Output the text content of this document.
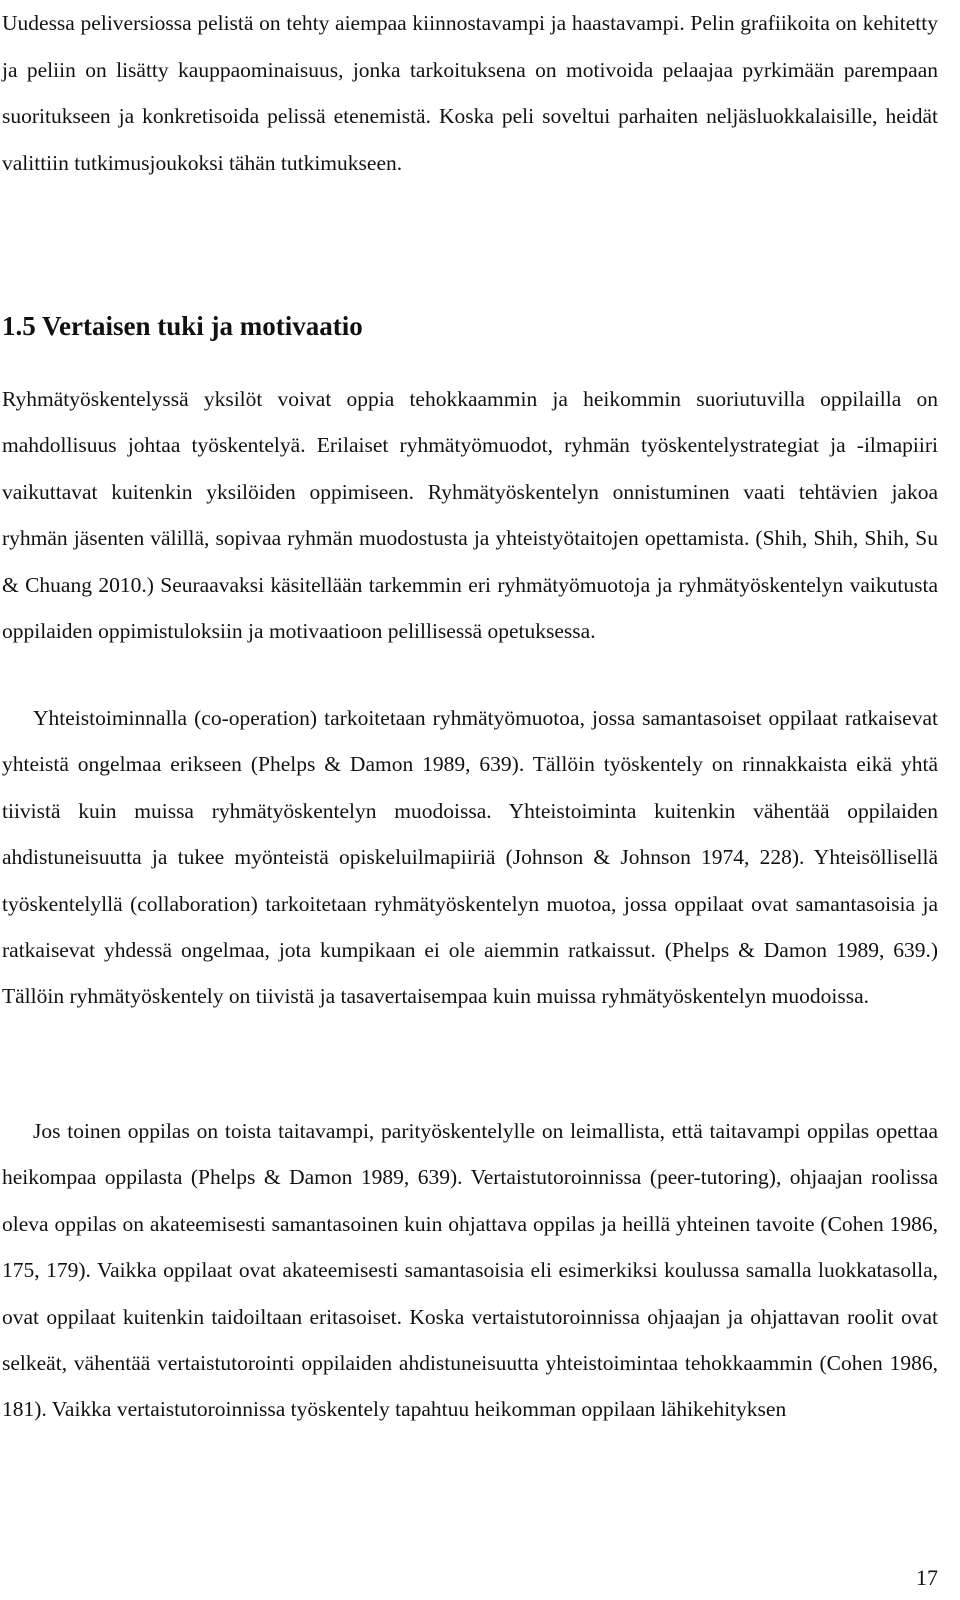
Uudessa peliversiossa pelistä on tehty aiempaa kiinnostavampi ja haastavampi. Pelin grafiikoita on kehitetty ja peliin on lisätty kauppaominaisuus, jonka tarkoituksena on motivoida pelaajaa pyrkimään parempaan suoritukseen ja konkretisoida pelissä etenemistä. Koska peli soveltui parhaiten neljäsluokkalaisille, heidät valittiin tutkimusjoukoksi tähän tutkimukseen.

1.5 Vertaisen tuki ja motivaatio

Ryhmätyöskentelyssä yksilöt voivat oppia tehokkaammin ja heikommin suoriutuvilla oppilailla on mahdollisuus johtaa työskentelyä. Erilaiset ryhmätyömuodot, ryhmän työskentelystrategiat ja -ilmapiiri vaikuttavat kuitenkin yksilöiden oppimiseen. Ryhmätyöskentelyn onnistuminen vaati tehtävien jakoa ryhmän jäsenten välillä, sopivaa ryhmän muodostusta ja yhteistyötaitojen opettamista. (Shih, Shih, Shih, Su & Chuang 2010.) Seuraavaksi käsitellään tarkemmin eri ryhmätyömuotoja ja ryhmätyöskentelyn vaikutusta oppilaiden oppimistuloksiin ja motivaatioon pelillisessä opetuksessa.

Yhteistoiminnalla (co-operation) tarkoitetaan ryhmätyömuotoa, jossa samantasoiset oppilaat ratkaisevat yhteistä ongelmaa erikseen (Phelps & Damon 1989, 639). Tällöin työskentely on rinnakkaista eikä yhtä tiivistä kuin muissa ryhmätyöskentelyn muodoissa. Yhteistoiminta kuitenkin vähentää oppilaiden ahdistuneisuutta ja tukee myönteistä opiskeluilmapiiriä (Johnson & Johnson 1974, 228). Yhteisöllisellä työskentelyllä (collaboration) tarkoitetaan ryhmätyöskentelyn muotoa, jossa oppilaat ovat samantasoisia ja ratkaisevat yhdessä ongelmaa, jota kumpikaan ei ole aiemmin ratkaissut. (Phelps & Damon 1989, 639.) Tällöin ryhmätyöskentely on tiivistä ja tasavertaisempaa kuin muissa ryhmätyöskentelyn muodoissa.

Jos toinen oppilas on toista taitavampi, parityöskentelylle on leimallista, että taitavampi oppilas opettaa heikompaa oppilasta (Phelps & Damon 1989, 639). Vertaistutoroinnissa (peer-tutoring), ohjaajan roolissa oleva oppilas on akateemisesti samantasoinen kuin ohjattava oppilas ja heillä yhteinen tavoite (Cohen 1986, 175, 179). Vaikka oppilaat ovat akateemisesti samantasoisia eli esimerkiksi koulussa samalla luokkatasolla, ovat oppilaat kuitenkin taidoiltaan eritasoiset. Koska vertaistutoroinnissa ohjaajan ja ohjattavan roolit ovat selkeät, vähentää vertaistutorointi oppilaiden ahdistuneisuutta yhteistoimintaa tehokkaammin (Cohen 1986, 181). Vaikka vertaistutoroinnissa työskentely tapahtuu heikomman oppilaan lähikehityksen

17
